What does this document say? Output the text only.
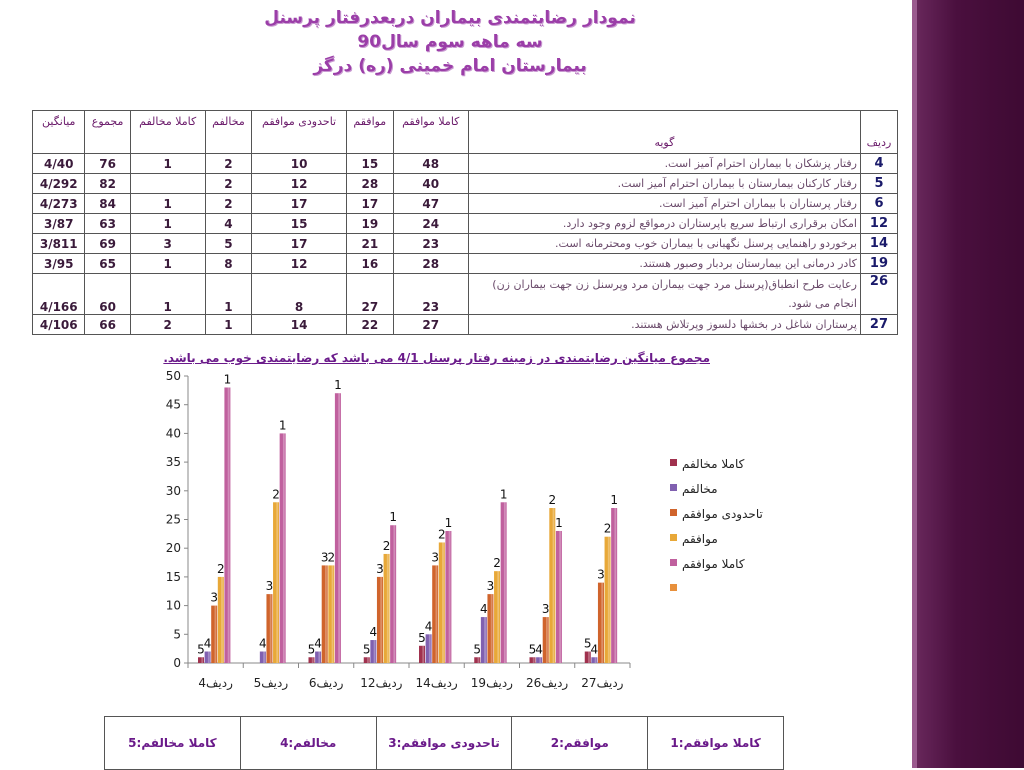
نمودار رضایتمندی بیماران دربعدرفتار پرسنل
سه ماهه سوم سال90
بیمارستان امام خمینی (ره) درگز
ردیف	گویه	کاملا موافقم	موافقم	تاحدودی موافقم	مخالفم	کاملا مخالفم	مجموع	میانگین
4	رفتار پزشکان با بیماران احترام آمیز است.	48	15	10	2	1	76	4/40
5	رفتار کارکنان بیمارستان با بیماران احترام آمیز است.	40	28	12	2		82	4/292
6	رفتار پرستاران با بیماران احترام آمیز است.	47	17	17	2	1	84	4/273
12	امکان برقراری ارتباط سریع باپرستاران درمواقع لزوم وجود دارد.	24	19	15	4	1	63	3/87
14	برخوردو راهنمایی پرسنل نگهبانی با بیماران خوب ومحترمانه است.	23	21	17	5	3	69	3/811
19	کادر درمانی این بیمارستان بردبار وصبور هستند.	28	16	12	8	1	65	3/95
26	رعایت طرح انطباق(پرسنل مرد جهت بیماران مرد وپرسنل زن جهت بیماران زن) انجام می شود.	23	27	8	1	1	60	4/166
27	پرستاران شاغل در بخشها دلسوز وپرتلاش هستند.	27	22	14	1	2	66	4/106
مجموع میانگین رضایتمندی در زمینه رفتار پرسنل 4/1 می باشد که رضایتمندی خوب می باشد.
0
5
10
15
20
25
30
35
40
45
50
ردیف4 ردیف5 ردیف6 ردیف12 ردیف14 ردیف19 ردیف26 ردیف27
5	5	5
5
5	5	5
4	4	4
4	4
4
4	4
3
3
3
3
3
3
3
3
2
2
2
2
2
2
2
2
1
1
1
1	1
1
1
1
کاملا مخالفم
مخالفم
تاحدودی موافقم
موافقم
کاملا موافقم
کاملا موافقم:1	موافقم:2	تاحدودی موافقم:3	مخالفم:4	کاملا مخالفم:5
